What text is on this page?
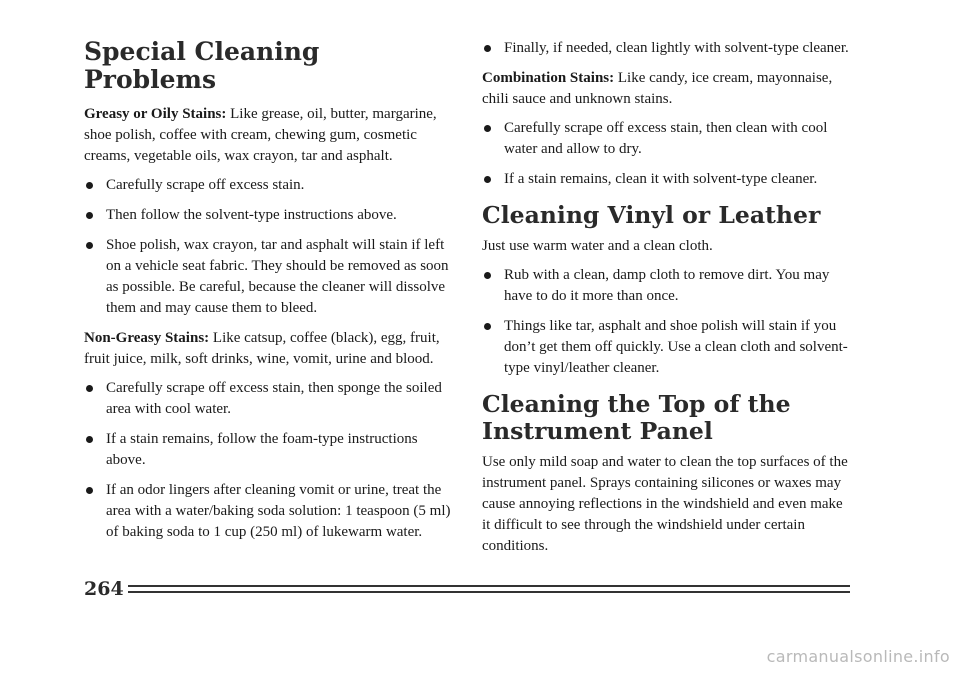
Special Cleaning Problems

Greasy or Oily Stains: Like grease, oil, butter, margarine, shoe polish, coffee with cream, chewing gum, cosmetic creams, vegetable oils, wax crayon, tar and asphalt.

Carefully scrape off excess stain.
Then follow the solvent-type instructions above.
Shoe polish, wax crayon, tar and asphalt will stain if left on a vehicle seat fabric. They should be removed as soon as possible. Be careful, because the cleaner will dissolve them and may cause them to bleed.

Non-Greasy Stains: Like catsup, coffee (black), egg, fruit, fruit juice, milk, soft drinks, wine, vomit, urine and blood.

Carefully scrape off excess stain, then sponge the soiled area with cool water.
If a stain remains, follow the foam-type instructions above.
If an odor lingers after cleaning vomit or urine, treat the area with a water/baking soda solution: 1 teaspoon (5 ml) of baking soda to 1 cup (250 ml) of lukewarm water.
Finally, if needed, clean lightly with solvent-type cleaner.

Combination Stains: Like candy, ice cream, mayonnaise, chili sauce and unknown stains.

Carefully scrape off excess stain, then clean with cool water and allow to dry.
If a stain remains, clean it with solvent-type cleaner.
Cleaning Vinyl or Leather

Just use warm water and a clean cloth.

Rub with a clean, damp cloth to remove dirt. You may have to do it more than once.
Things like tar, asphalt and shoe polish will stain if you don’t get them off quickly. Use a clean cloth and solvent-type vinyl/leather cleaner.
Cleaning the Top of the Instrument Panel

Use only mild soap and water to clean the top surfaces of the instrument panel. Sprays containing silicones or waxes may cause annoying reflections in the windshield and even make it difficult to see through the windshield under certain conditions.

264
carmanualsonline.info
